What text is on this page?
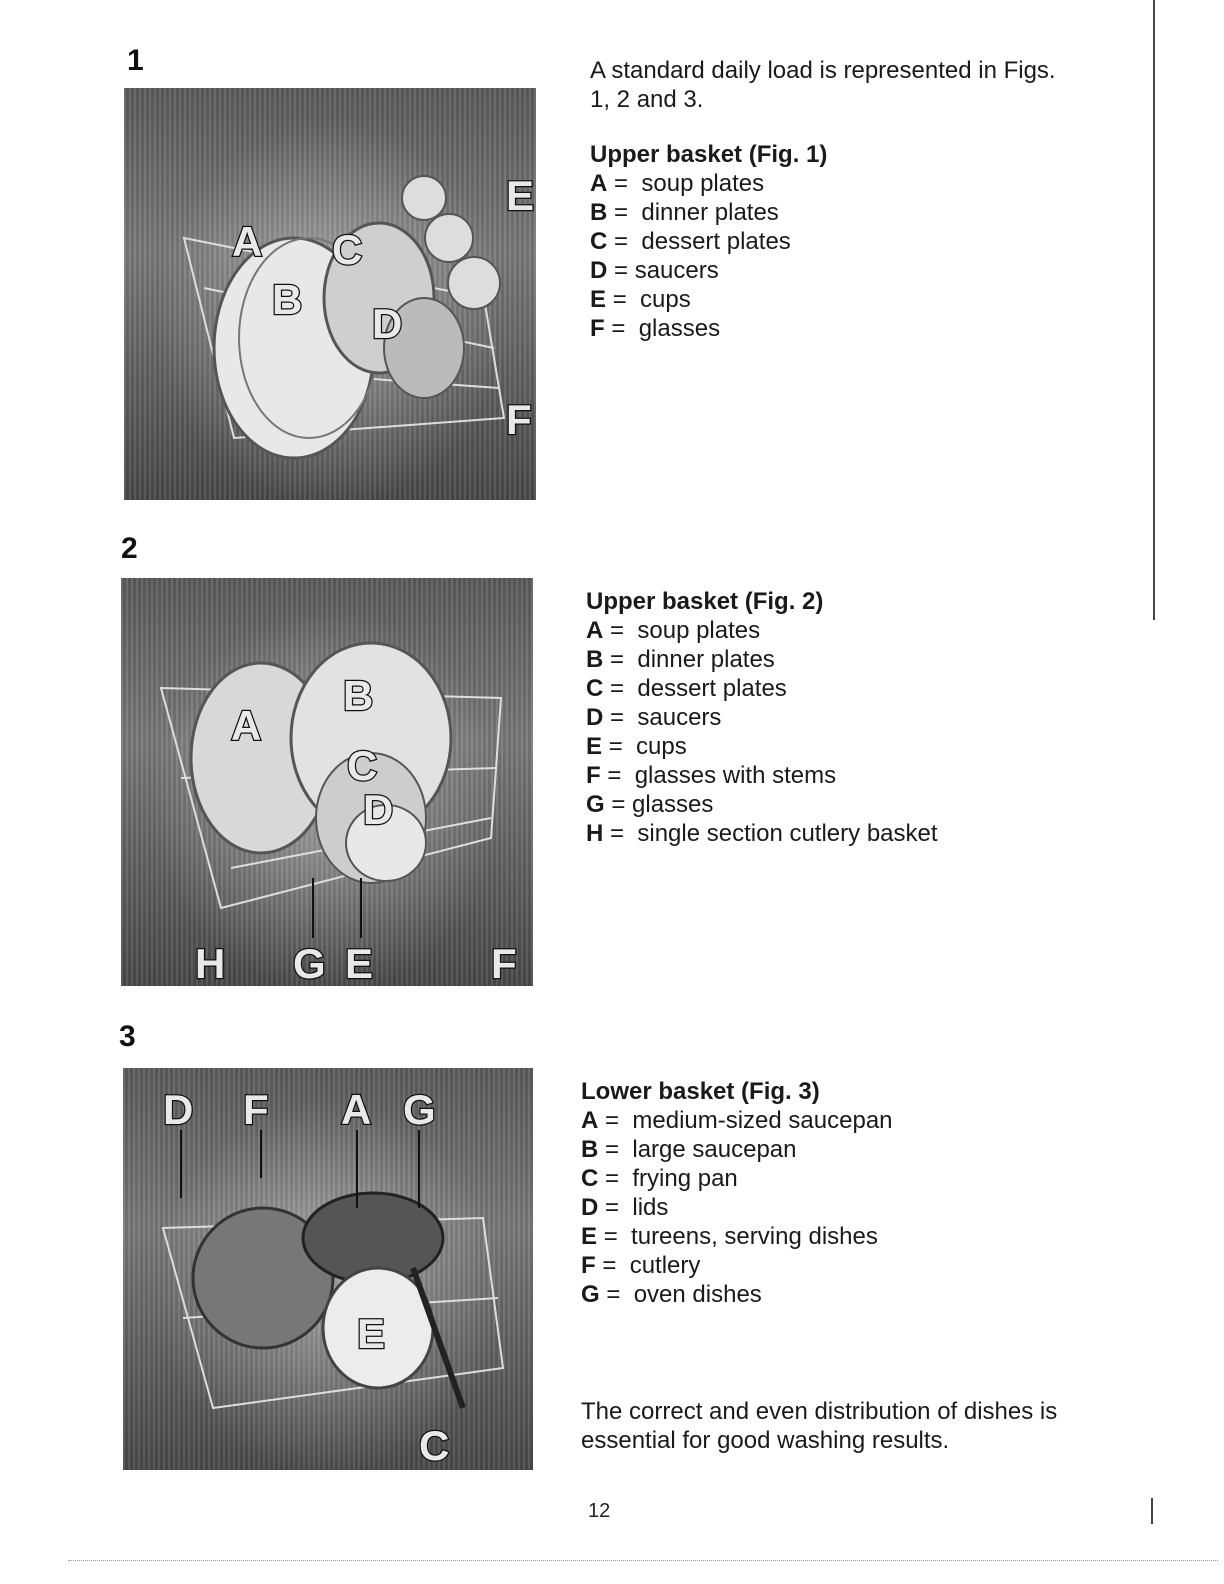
1
2
3
A
B
C
D
E
F
A
B
C
D
H G E	F
D F A G
E
C

A standard daily load is represented in Figs.

1, 2 and 3.

Upper basket (Fig. 1)

A = soup plates

B = dinner plates

C = dessert plates

D = saucers

E = cups

F = glasses

Upper basket (Fig. 2)

A = soup plates

B = dinner plates

C = dessert plates

D = saucers

E = cups

F = glasses with stems

G = glasses

H = single section cutlery basket

Lower basket (Fig. 3)

A = medium-sized saucepan

B = large saucepan

C = frying pan

D = lids

E = tureens, serving dishes

F = cutlery

G = oven dishes

The correct and even distribution of dishes is

essential for good washing results.

12
